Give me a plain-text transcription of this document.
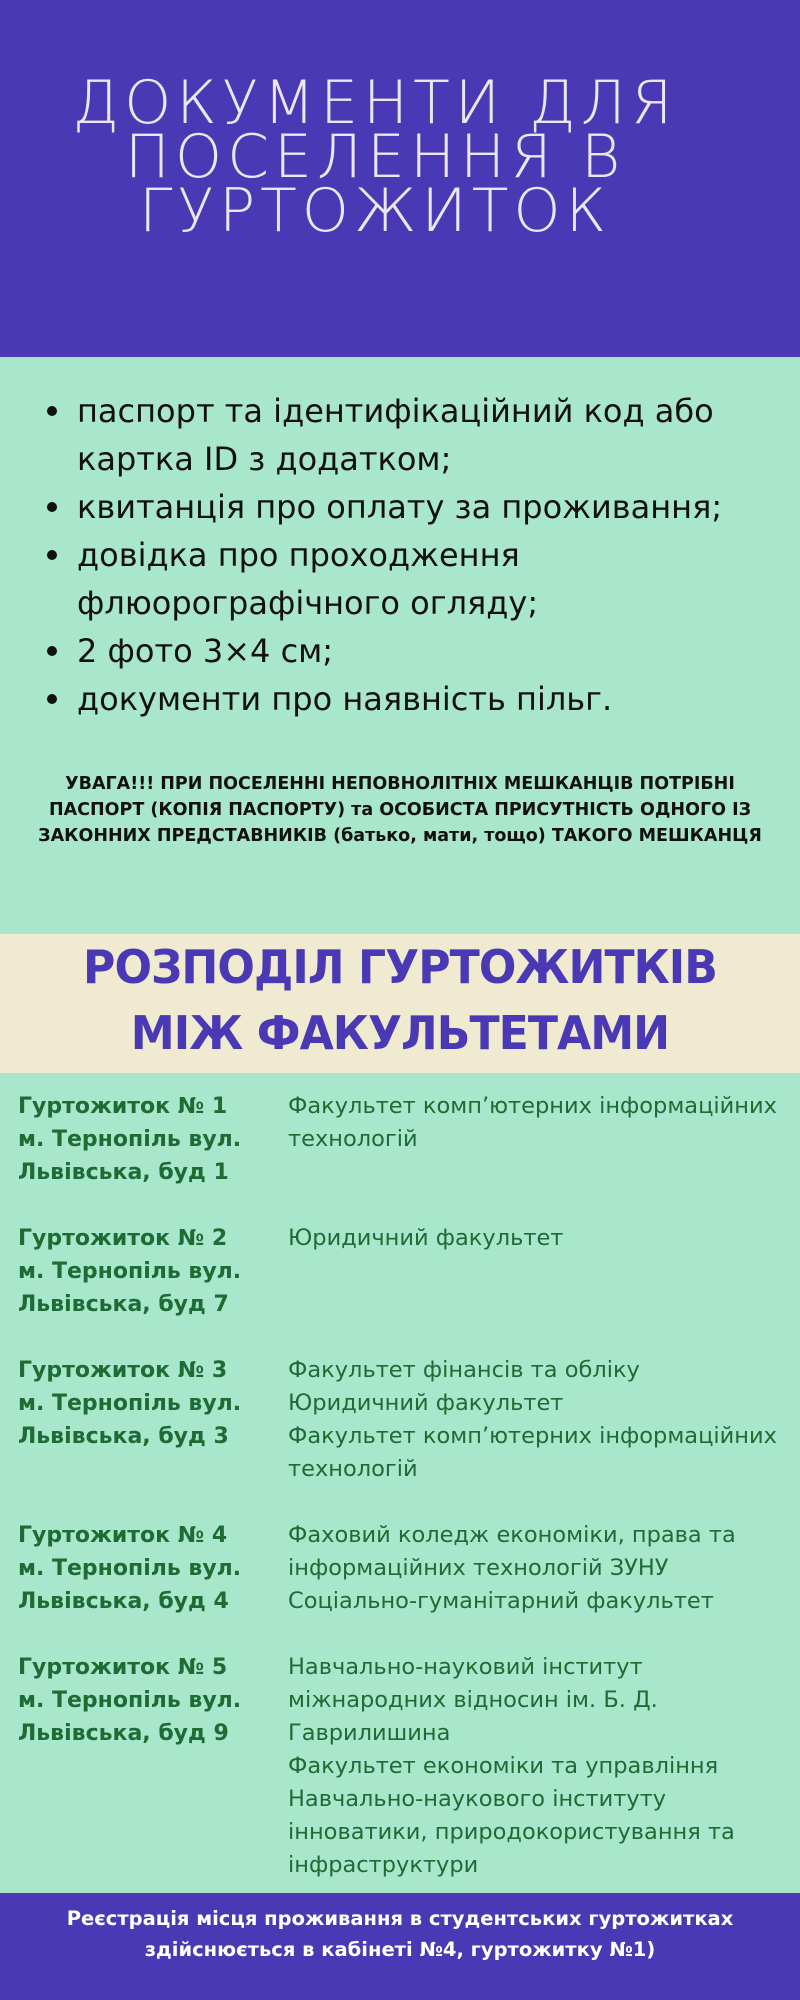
ДОКУМЕНТИ ДЛЯ
ПОСЕЛЕННЯ В
ГУРТОЖИТОК
паспорт та ідентифікаційний код або картка ID з додатком;
квитанція про оплату за проживання;
довідка про проходження флюорографічного огляду;
2 фото 3×4 см;
документи про наявність пільг.

УВАГА!!! ПРИ ПОСЕЛЕННІ НЕПОВНОЛІТНІХ МЕШКАНЦІВ ПОТРІБНІ ПАСПОРТ (КОПІЯ ПАСПОРТУ) та ОСОБИСТА ПРИСУТНІСТЬ ОДНОГО ІЗ ЗАКОННИХ ПРЕДСТАВНИКІВ (батько, мати, тощо) ТАКОГО МЕШКАНЦЯ

РОЗПОДІЛ ГУРТОЖИТКІВ
МІЖ ФАКУЛЬТЕТАМИ
Гуртожиток № 1
м. Тернопіль вул.
Львівська, буд 1
Факультет комп’ютерних інформаційних технологій
Гуртожиток № 2
м. Тернопіль вул.
Львівська, буд 7
Юридичний факультет
Гуртожиток № 3
м. Тернопіль вул.
Львівська, буд 3
Факультет фінансів та обліку
Юридичний факультет
Факультет комп’ютерних інформаційних технологій
Гуртожиток № 4
м. Тернопіль вул.
Львівська, буд 4
Фаховий коледж економіки, права та інформаційних технологій ЗУНУ
Соціально-гуманітарний факультет
Гуртожиток № 5
м. Тернопіль вул.
Львівська, буд 9
Навчально-науковий інститут міжнародних відносин ім. Б. Д. Гаврилишина
Факультет економіки та управління Навчально-наукового інституту інноватики, природокористування та інфраструктури

Реєстрація місця проживання в студентських гуртожитках
здійснюється в кабінеті №4, гуртожитку №1)
